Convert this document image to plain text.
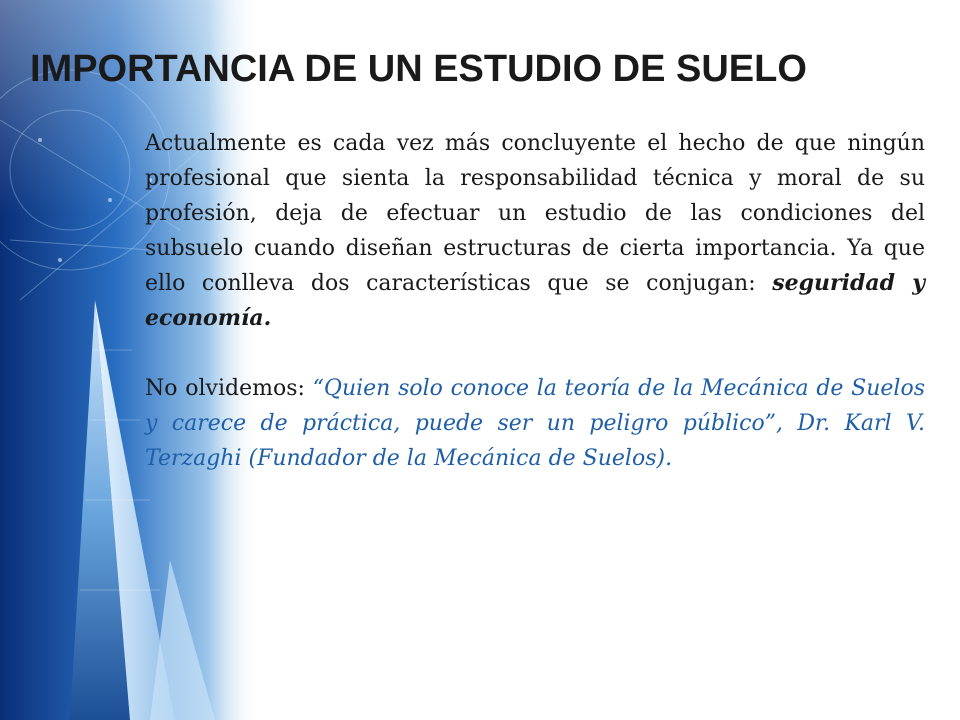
IMPORTANCIA DE UN ESTUDIO DE SUELO

Actualmente es cada vez más concluyente el hecho de que ningún profesional que sienta la responsabilidad técnica y moral de su profesión, deja de efectuar un estudio de las condiciones del subsuelo cuando diseñan estructuras de cierta importancia. Ya que ello conlleva dos características que se conjugan: seguridad y economía.

No olvidemos: “Quien solo conoce la teoría de la Mecánica de Suelos y carece de práctica, puede ser un peligro público”, Dr. Karl V. Terzaghi (Fundador de la Mecánica de Suelos).
